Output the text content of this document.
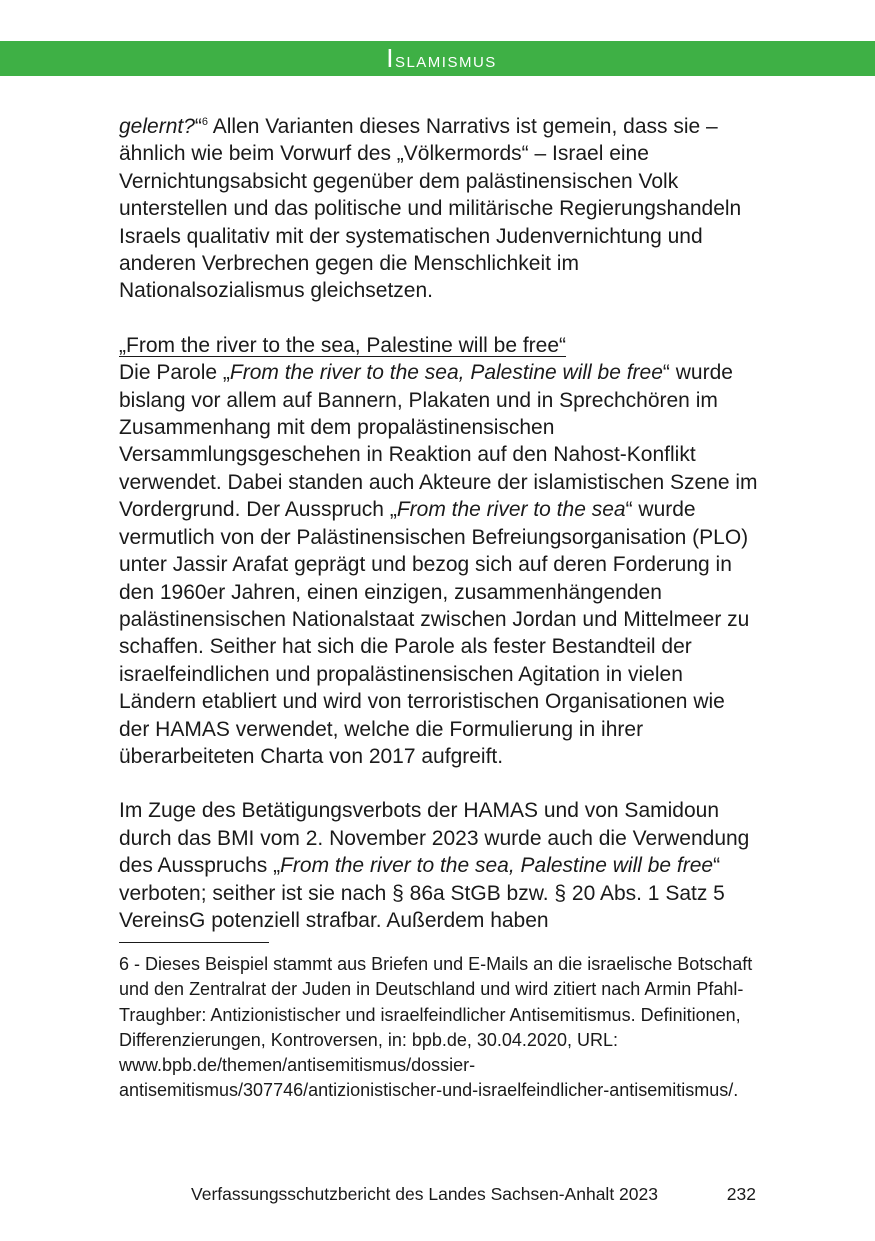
Islamismus

gelernt?“$^6$ Allen Varianten dieses Narrativs ist gemein, dass sie – ähnlich wie beim Vorwurf des „Völkermords“ – Israel eine Vernichtungsabsicht gegenüber dem palästinensischen Volk unterstellen und das politische und militärische Regierungshandeln Israels qualitativ mit der systematischen Judenvernichtung und anderen Verbrechen gegen die Menschlichkeit im Nationalsozialismus gleichsetzen.

„From the river to the sea, Palestine will be free“

Die Parole „From the river to the sea, Palestine will be free“ wurde bislang vor allem auf Bannern, Plakaten und in Sprechchören im Zusammenhang mit dem propalästinensischen Versammlungsgeschehen in Reaktion auf den Nahost-Konflikt verwendet. Dabei standen auch Akteure der islamistischen Szene im Vordergrund. Der Ausspruch „From the river to the sea“ wurde vermutlich von der Palästinensischen Befreiungsorganisation (PLO) unter Jassir Arafat geprägt und bezog sich auf deren Forderung in den 1960er Jahren, einen einzigen, zusammenhängenden palästinensischen Nationalstaat zwischen Jordan und Mittelmeer zu schaffen. Seither hat sich die Parole als fester Bestandteil der israelfeindlichen und propalästinensischen Agitation in vielen Ländern etabliert und wird von terroristischen Organisationen wie der HAMAS verwendet, welche die Formulierung in ihrer überarbeiteten Charta von 2017 aufgreift.

Im Zuge des Betätigungsverbots der HAMAS und von Samidoun durch das BMI vom 2. November 2023 wurde auch die Verwendung des Ausspruchs „From the river to the sea, Palestine will be free“ verboten; seither ist sie nach § 86a StGB bzw. § 20 Abs. 1 Satz 5 VereinsG potenziell strafbar. Außerdem haben

6 - Dieses Beispiel stammt aus Briefen und E-Mails an die israelische Botschaft und den Zentralrat der Juden in Deutschland und wird zitiert nach Armin Pfahl-Traughber: Antizionistischer und israelfeindlicher Antisemitismus. Definitionen, Differenzierungen, Kontroversen, in: bpb.de, 30.04.2020, URL: www.bpb.de/themen/antisemitismus/dossier-antisemitismus/307746/antizionistischer-und-israelfeindlicher-antisemitismus/.

Verfassungsschutzbericht des Landes Sachsen-Anhalt 2023	232
